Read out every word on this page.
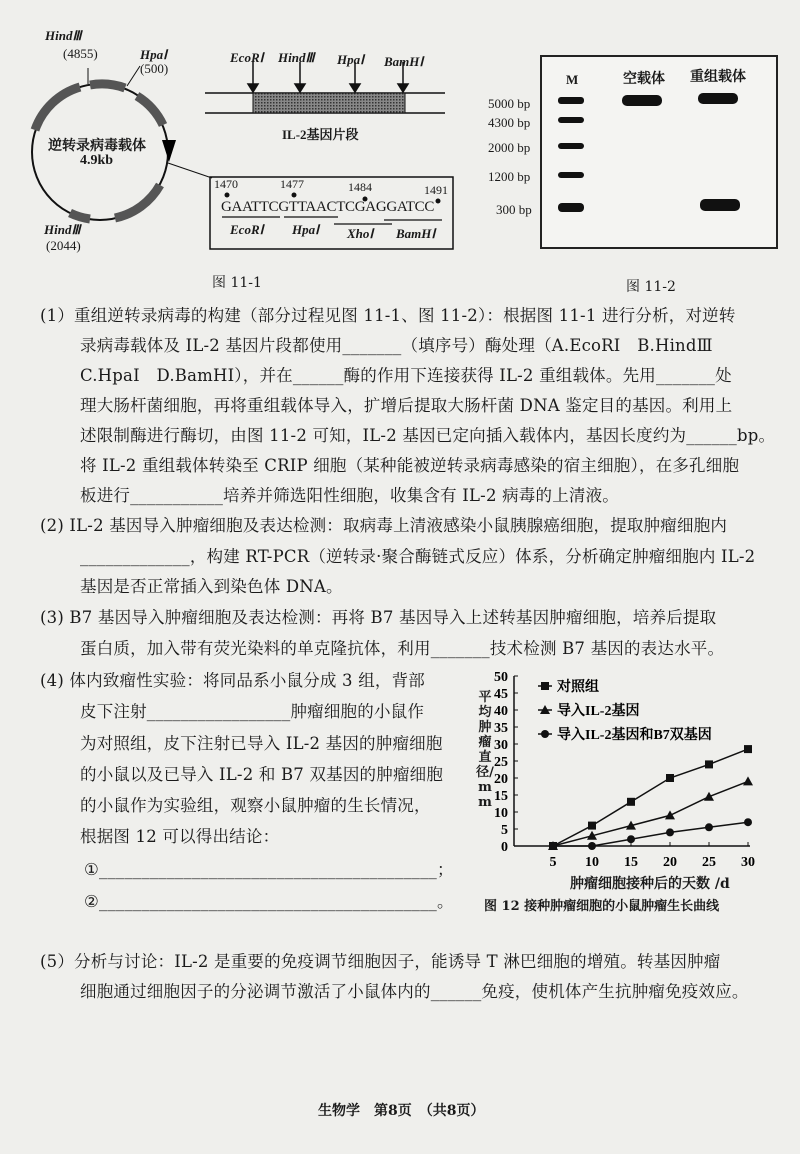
HindⅢ
(4855)	HpaⅠ
(500)
HindⅢ
(2044)
逆转录病毒载体
4.9kb
EcoRⅠ HindⅢ HpaⅠ BamHⅠ
IL-2基因片段
1470	1477	1484	1491
GAATTCGTTAACTCGAGGATCC
EcoRⅠ HpaⅠ XhoⅠ BamHⅠ
图 11-1
M	空载体 重组载体
5000 bp
4300 bp
2000 bp
1200 bp
300 bp
图 11-2
(1）重组逆转录病毒的构建（部分过程见图 11-1、图 11-2）：根据图 11-1 进行分析，对逆转
录病毒载体及 IL-2 基因片段都使用_______（填序号）酶处理（A.EcoRⅠ　B.HindⅢ
C.HpaⅠ　D.BamHⅠ），并在______酶的作用下连接获得 IL-2 重组载体。先用_______处
理大肠杆菌细胞，再将重组载体导入，扩增后提取大肠杆菌 DNA 鉴定目的基因。利用上
述限制酶进行酶切，由图 11-2 可知，IL-2 基因已定向插入载体内，基因长度约为______bp。
将 IL-2 重组载体转染至 CRIP 细胞（某种能被逆转录病毒感染的宿主细胞），在多孔细胞
板进行___________培养并筛选阳性细胞，收集含有 IL-2 病毒的上清液。
(2) IL-2 基因导入肿瘤细胞及表达检测：取病毒上清液感染小鼠胰腺癌细胞，提取肿瘤细胞内
_____________，构建 RT-PCR（逆转录·聚合酶链式反应）体系，分析确定肿瘤细胞内 IL-2
基因是否正常插入到染色体 DNA。
(3) B7 基因导入肿瘤细胞及表达检测：再将 B7 基因导入上述转基因肿瘤细胞，培养后提取
蛋白质，加入带有荧光染料的单克隆抗体，利用_______技术检测 B7 基因的表达水平。
(4) 体内致瘤性实验：将同品系小鼠分成 3 组，背部
皮下注射_________________肿瘤细胞的小鼠作
为对照组，皮下注射已导入 IL-2 基因的肿瘤细胞
的小鼠以及已导入 IL-2 和 B7 双基因的肿瘤细胞
的小鼠作为实验组，观察小鼠肿瘤的生长情况，
根据图 12 可以得出结论：
①________________________________________；
②________________________________________。
平均肿瘤直径/mm
0
5
10
15
20
25
30
35
40
45
50
5 10 15 20 25 30
对照组
导入IL-2基因
导入IL-2基因和B7双基因
肿瘤细胞接种后的天数 /d
图 12 接种肿瘤细胞的小鼠肿瘤生长曲线
(5）分析与讨论：IL-2 是重要的免疫调节细胞因子，能诱导 T 淋巴细胞的增殖。转基因肿瘤
细胞通过细胞因子的分泌调节激活了小鼠体内的______免疫，使机体产生抗肿瘤免疫效应。
生物学　第8页　（共8页）
